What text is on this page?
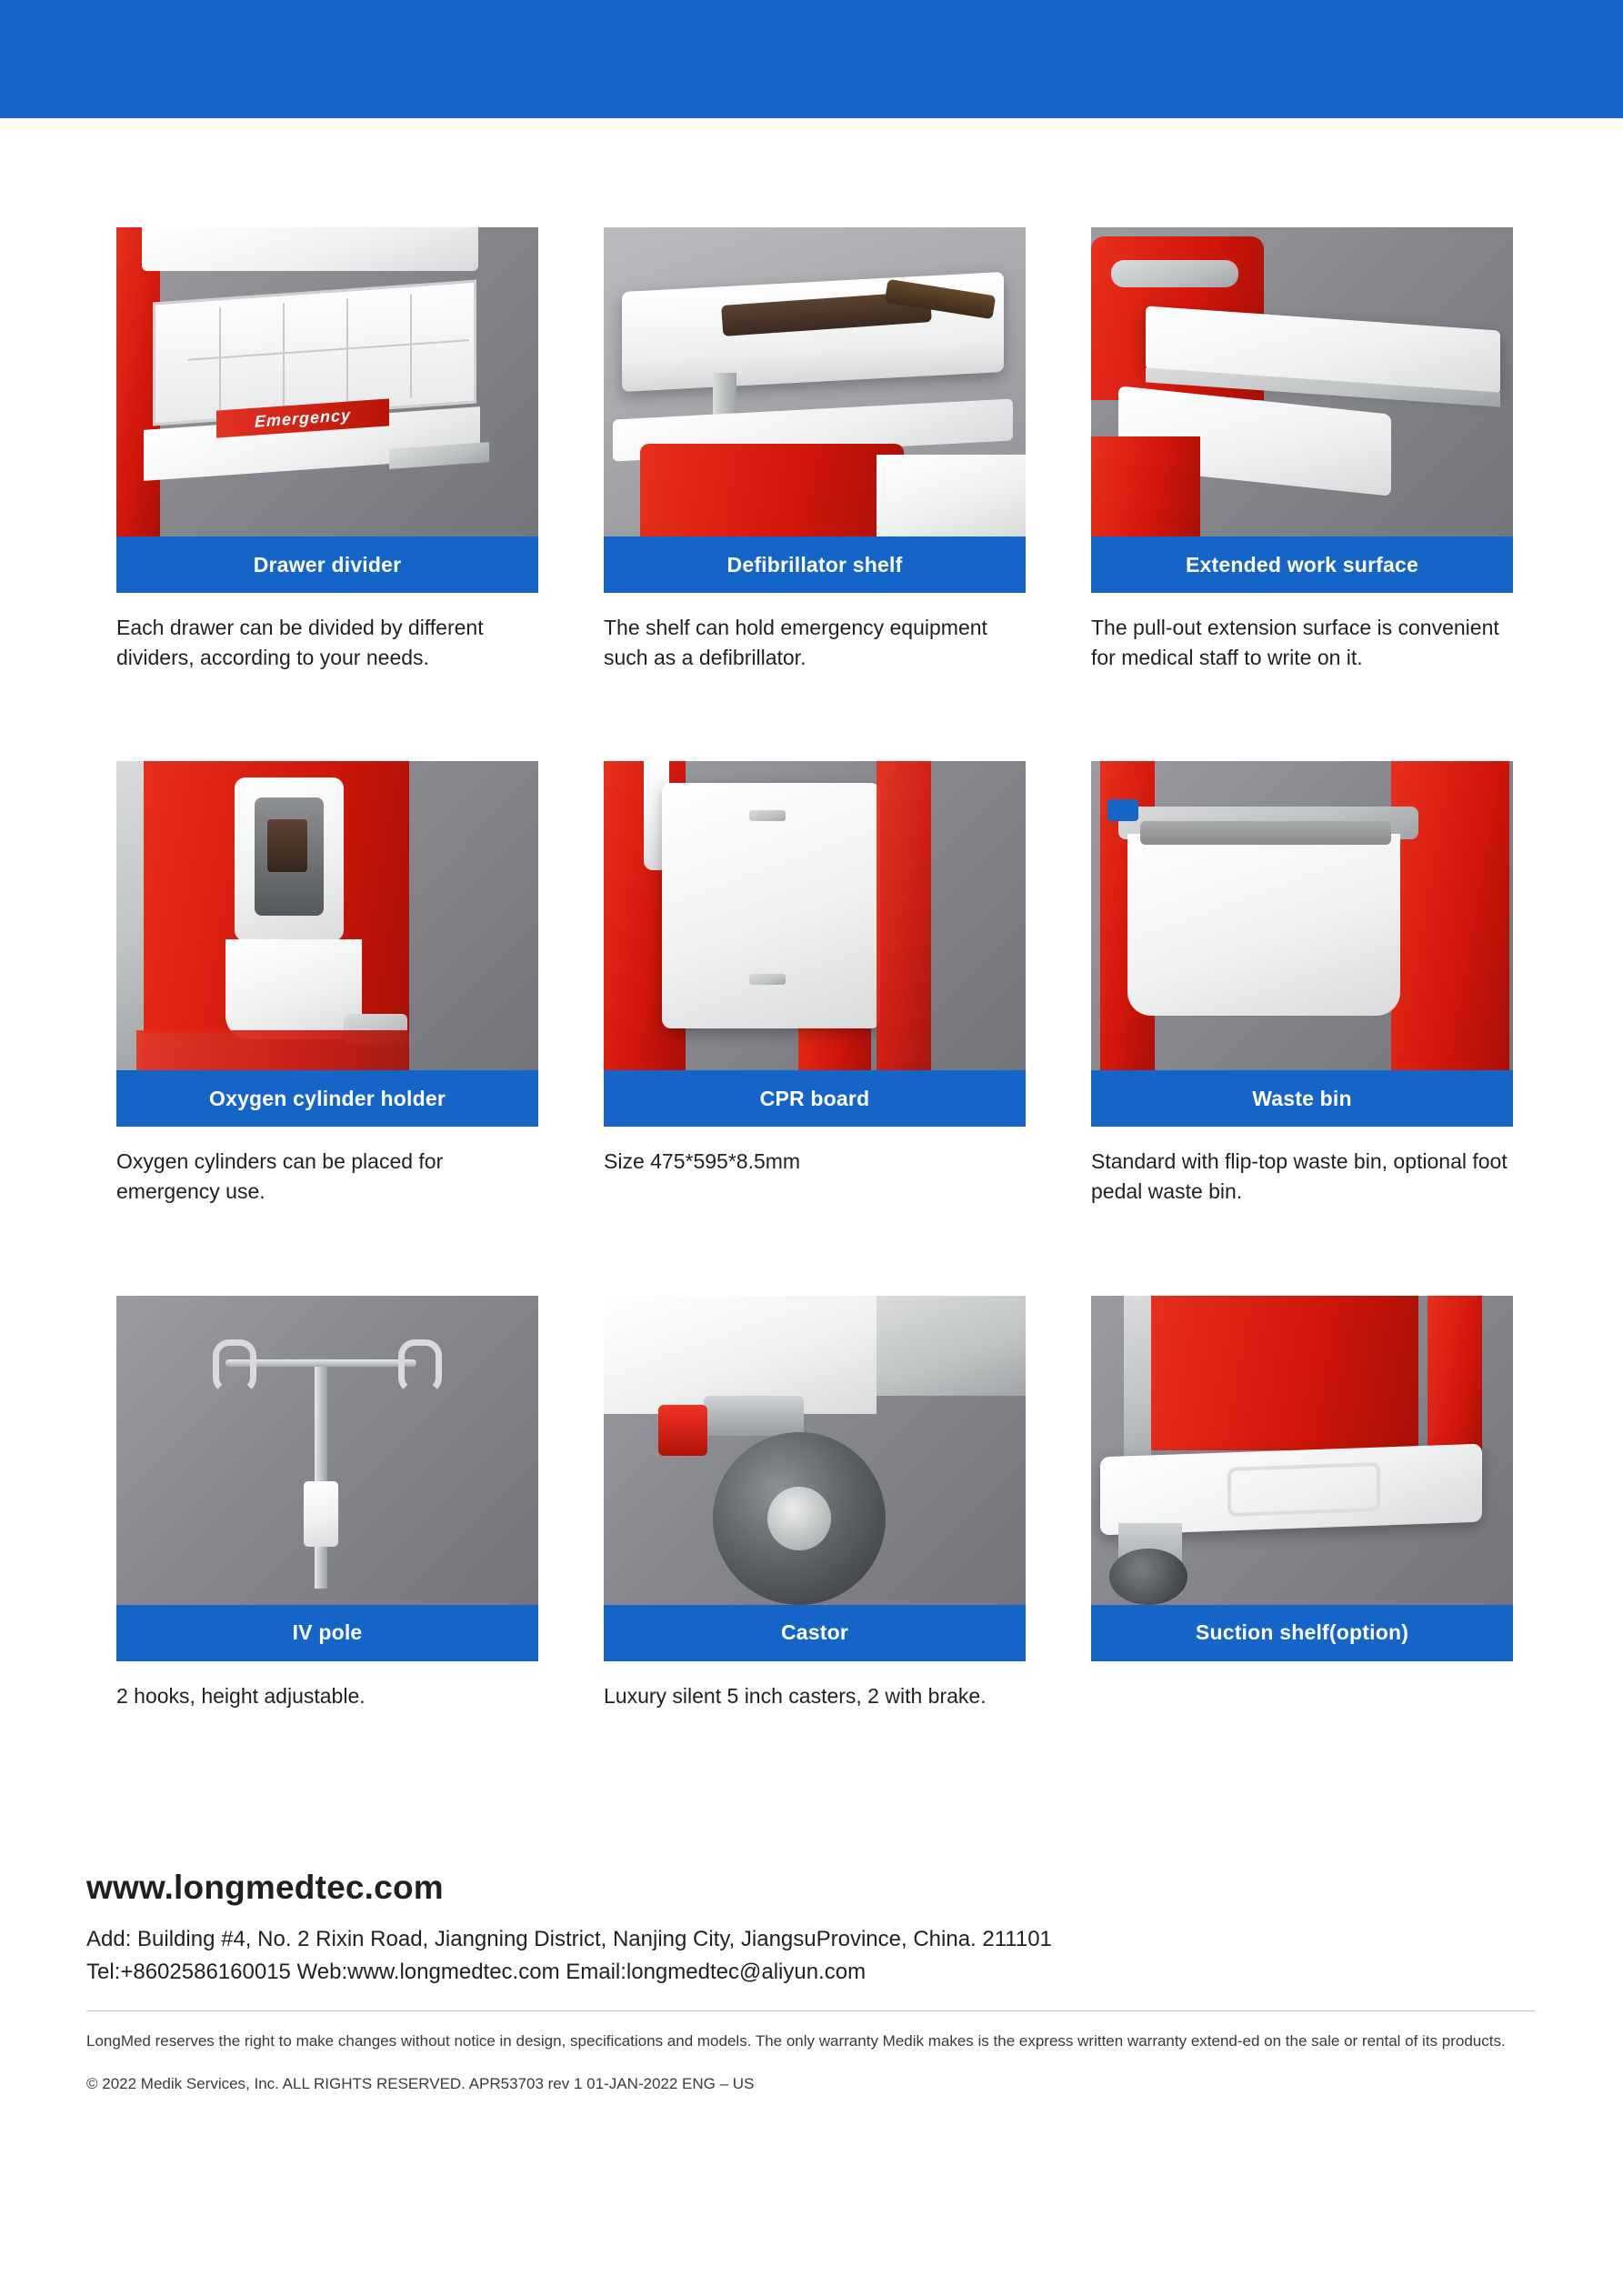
Emergency
Drawer divider
Each drawer can be divided by different dividers, according to your needs.
Defibrillator shelf
The shelf can hold emergency equipment such as a defibrillator.
Extended work surface
The pull-out extension surface is convenient for medical staff to write on it.
Oxygen cylinder holder
Oxygen cylinders can be placed for emergency use.
CPR board
Size 475*595*8.5mm
Waste bin
Standard with flip-top waste bin, optional foot pedal waste bin.
IV pole
2 hooks, height adjustable.
Castor
Luxury silent 5 inch casters, 2 with brake.
Suction shelf(option)
www.longmedtec.com
Add: Building #4, No. 2 Rixin Road, Jiangning District, Nanjing City, JiangsuProvince, China. 211101
Tel:+8602586160015 Web:www.longmedtec.com Email:longmedtec@aliyun.com
LongMed reserves the right to make changes without notice in design, specifications and models. The only warranty Medik makes is the express written warranty extend-ed on the sale or rental of its products.
© 2022 Medik Services, Inc. ALL RIGHTS RESERVED. APR53703 rev 1 01-JAN-2022 ENG – US
